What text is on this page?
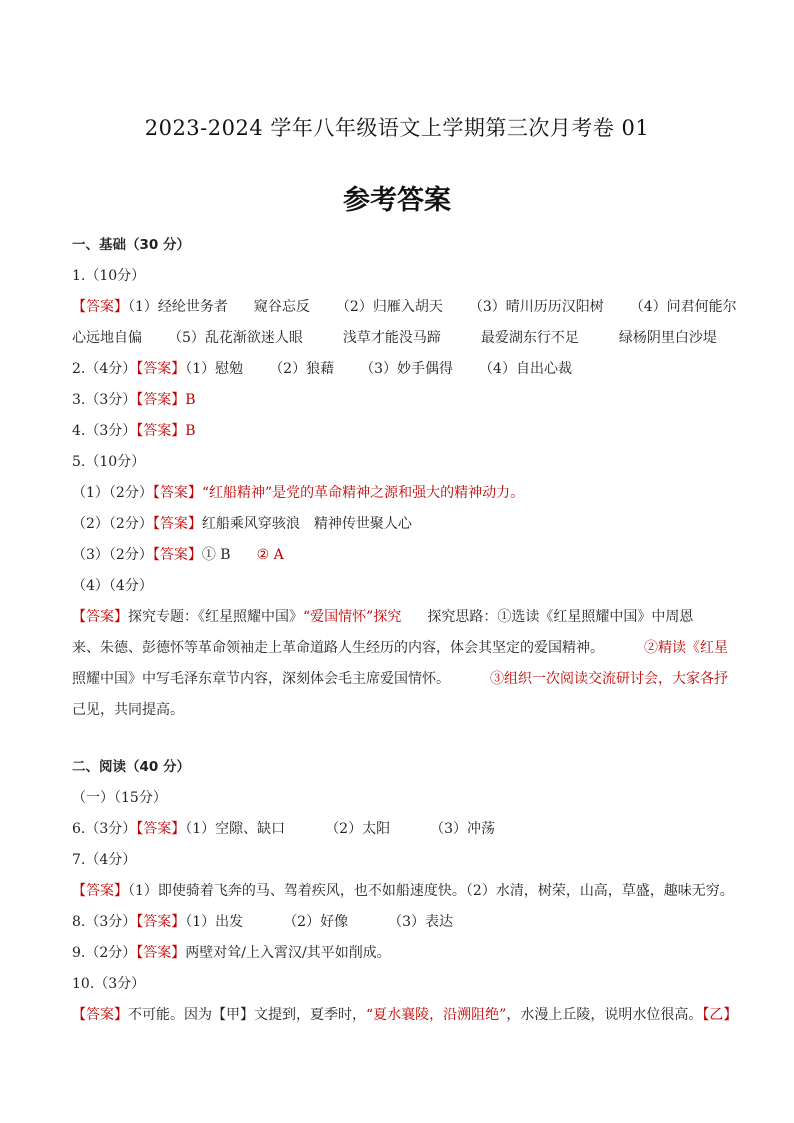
2023-2024 学年八年级语文上学期第三次月考卷 01
参考答案
一、基础（30 分）
1.（10分）
【答案】（1）经纶世务者 窥谷忘反 （2）归雁入胡天 （3）晴川历历汉阳树 （4）问君何能尔
心远地自偏 （5）乱花渐欲迷人眼	浅草才能没马蹄	最爱湖东行不足	绿杨阴里白沙堤
2.（4分）【答案】（1）慰勉 （2）狼藉 （3）妙手偶得 （4）自出心裁
3.（3分）【答案】B
4.（3分）【答案】B
5.（10分）
（1）（2分）【答案】“红船精神”是党的革命精神之源和强大的精神动力。
（2）（2分）【答案】红船乘风穿骇浪　精神传世聚人心
（3）（2分）【答案】① B ② A
（4）（4分）
【答案】探究专题：《红星照耀中国》“爱国情怀”探究 探究思路：①选读《红星照耀中国》中周恩
来、朱德、彭德怀等革命领袖走上革命道路人生经历的内容，体会其坚定的爱国精神。	②精读《红星
照耀中国》中写毛泽东章节内容，深刻体会毛主席爱国情怀。	③组织一次阅读交流研讨会，大家各抒
己见，共同提高。
二、阅读（40 分）
（一）（15分）
6.（3分）【答案】（1）空隙、缺口	（2）太阳	（3）冲荡
7.（4分）
【答案】（1）即使骑着飞奔的马、驾着疾风，也不如船速度快。（2）水清，树荣，山高，草盛，趣味无穷。
8.（3分）【答案】（1）出发	（2）好像	（3）表达
9.（2分）【答案】两壁对耸/上入霄汉/其平如削成。
10.（3分）
【答案】不可能。因为【甲】文提到，夏季时，“夏水襄陵，沿溯阻绝”，水漫上丘陵，说明水位很高。【乙】
